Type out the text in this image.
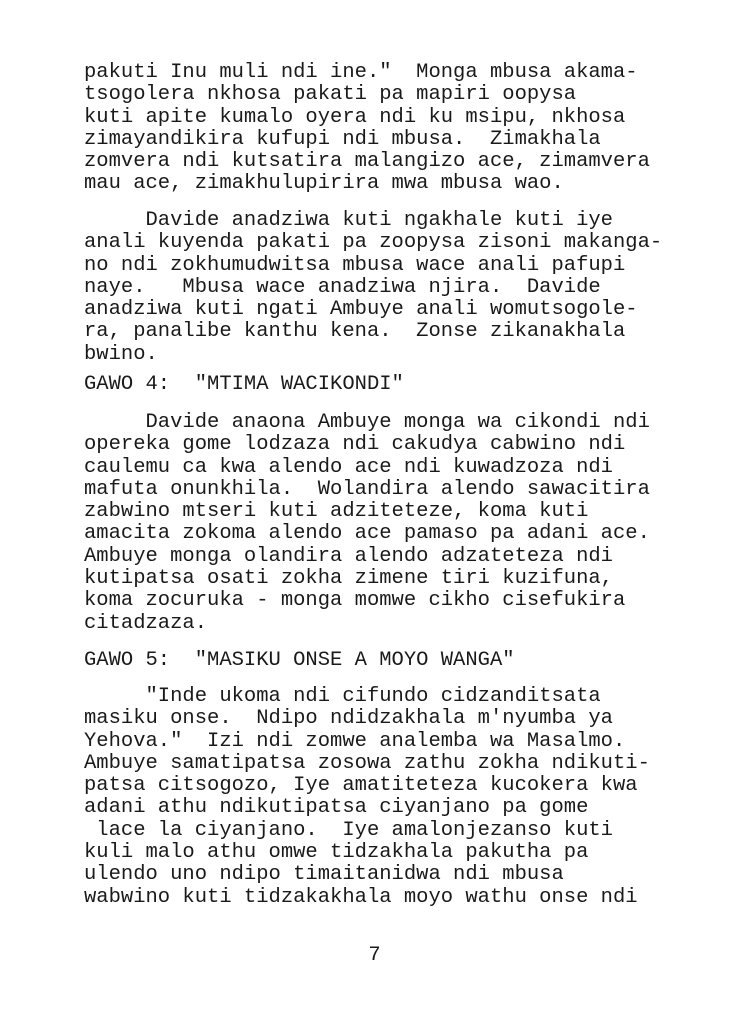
pakuti Inu muli ndi ine."  Monga mbusa akama-
tsogolera nkhosa pakati pa mapiri oopysa
kuti apite kumalo oyera ndi ku msipu, nkhosa
zimayandikira kufupi ndi mbusa.  Zimakhala
zomvera ndi kutsatira malangizo ace, zimamvera
mau ace, zimakhulupirira mwa mbusa wao.
Davide anadziwa kuti ngakhale kuti iye
anali kuyenda pakati pa zoopysa zisoni makanga-
no ndi zokhumudwitsa mbusa wace anali pafupi
naye.   Mbusa wace anadziwa njira.  Davide
anadziwa kuti ngati Ambuye anali womutsogole-
ra, panalibe kanthu kena.  Zonse zikanakhala
bwino.
GAWO 4:  "MTIMA WACIKONDI"
Davide anaona Ambuye monga wa cikondi ndi
opereka gome lodzaza ndi cakudya cabwino ndi
caulemu ca kwa alendo ace ndi kuwadzoza ndi
mafuta onunkhila.  Wolandira alendo sawacitira
zabwino mtseri kuti adziteteze, koma kuti
amacita zokoma alendo ace pamaso pa adani ace.
Ambuye monga olandira alendo adzateteza ndi
kutipatsa osati zokha zimene tiri kuzifuna,
koma zocuruka - monga momwe cikho cisefukira
citadzaza.
GAWO 5:  "MASIKU ONSE A MOYO WANGA"
"Inde ukoma ndi cifundo cidzanditsata
masiku onse.  Ndipo ndidzakhala m'nyumba ya
Yehova."  Izi ndi zomwe analemba wa Masalmo.
Ambuye samatipatsa zosowa zathu zokha ndikuti-
patsa citsogozo, Iye amatiteteza kucokera kwa
adani athu ndikutipatsa ciyanjano pa gome
lace la ciyanjano.  Iye amalonjezanso kuti
kuli malo athu omwe tidzakhala pakutha pa
ulendo uno ndipo timaitanidwa ndi mbusa
wabwino kuti tidzakakhala moyo wathu onse ndi
7
